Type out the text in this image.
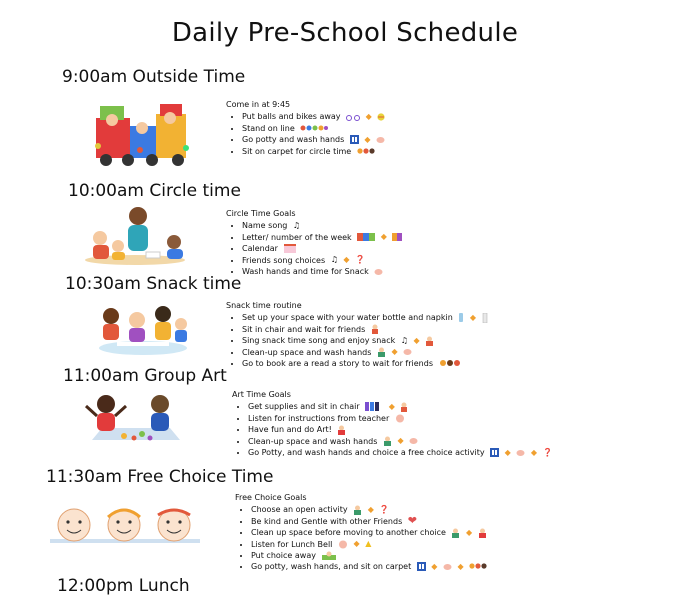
Daily Pre-School Schedule
9:00am Outside Time
Come in at 9:45
• Put balls and bikes away	◆
• Stand on line
• Go potty and wash hands	◆
• Sit on carpet for circle time
10:00am Circle time
Circle Time Goals
• Name song ♫
• Letter/ number of the week	◆
• Calendar
• Friends song choices ♫ ◆ ❓
• Wash hands and time for Snack
10:30am Snack time
Snack time routine
• Set up your space with your water bottle and napkin ◆
• Sit in chair and wait for friends
• Sing snack time song and enjoy snack ♫ ◆
• Clean-up space and wash hands	◆
• Go to book are a read a story to wait for friends
11:00am Group Art
Art Time Goals
• Get supplies and sit in chair	◆
• Listen for instructions from teacher
• Have fun and do Art!
• Clean-up space and wash hands	◆
• Go Potty, and wash hands and choice a free choice activity	◆	◆ ❓
11:30am Free Choice Time
Free Choice Goals
• Choose an open activity	◆ ❓
• Be kind and Gentle with other Friends ❤
• Clean up space before moving to another choice	◆
• Listen for Lunch Bell	◆ ▲
• Put choice away
• Go potty, wash hands, and sit on carpet	◆	◆
12:00pm Lunch
